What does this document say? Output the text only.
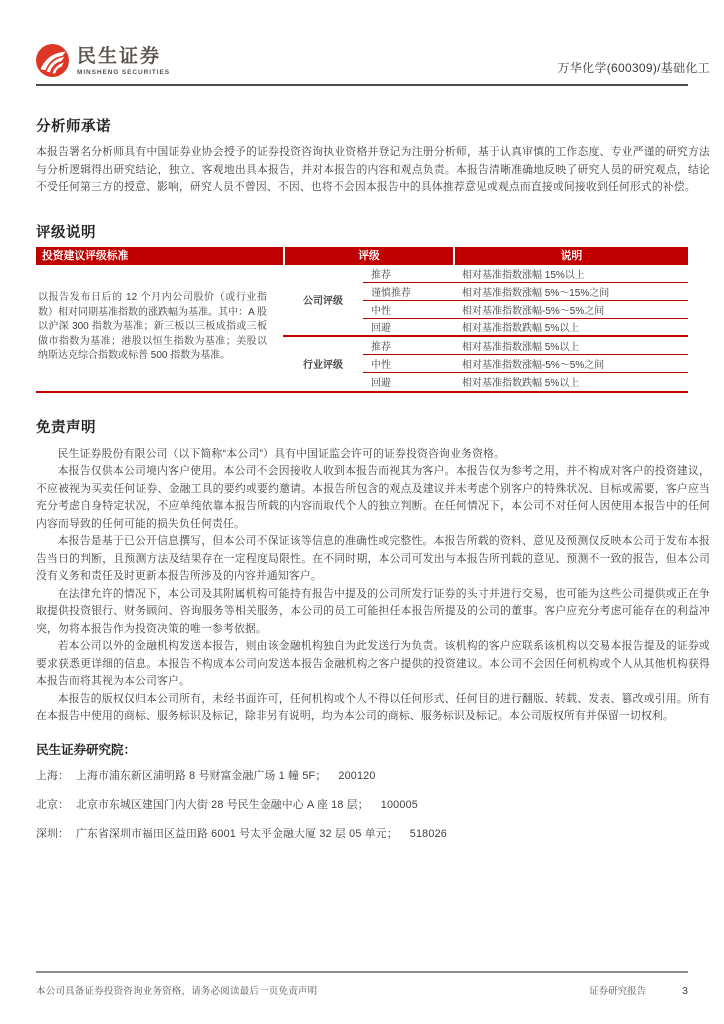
民生证券
MINSHENG SECURITIES	万华化学(600309)/基础化工
分析师承诺
本报告署名分析师具有中国证券业协会授予的证券投资咨询执业资格并登记为注册分析师，基于认真审慎的工作态度、专业严谨的研究方法与分析逻辑得出研究结论，独立、客观地出具本报告，并对本报告的内容和观点负责。本报告清晰准确地反映了研究人员的研究观点，结论不受任何第三方的授意、影响，研究人员不曾因、不因、也将不会因本报告中的具体推荐意见或观点而直接或间接收到任何形式的补偿。
评级说明
投资建议评级标准	评级		说明
以报告发布日后的 12 个月内公司股价（或行业指数）相对同期基准指数的涨跌幅为基准。其中：A 股以沪深 300 指数为基准；新三板以三板成指或三板做市指数为基准；港股以恒生指数为基准；美股以纳斯达克综合指数或标普 500 指数为基准。	公司评级	推荐	相对基准指数涨幅 15%以上
		谨慎推荐	相对基准指数涨幅 5%～15%之间
		中性	相对基准指数涨幅-5%～5%之间
		回避	相对基准指数跌幅 5%以上
	行业评级	推荐	相对基准指数涨幅 5%以上
		中性	相对基准指数涨幅-5%～5%之间
		回避	相对基准指数跌幅 5%以上
免责声明

民生证券股份有限公司（以下简称“本公司”）具有中国证监会许可的证券投资咨询业务资格。

本报告仅供本公司境内客户使用。本公司不会因接收人收到本报告而视其为客户。本报告仅为参考之用，并不构成对客户的投资建议，不应被视为买卖任何证券、金融工具的要约或要约邀请。本报告所包含的观点及建议并未考虑个别客户的特殊状况、目标或需要，客户应当充分考虑自身特定状况，不应单纯依靠本报告所载的内容而取代个人的独立判断。在任何情况下，本公司不对任何人因使用本报告中的任何内容而导致的任何可能的损失负任何责任。

本报告是基于已公开信息撰写，但本公司不保证该等信息的准确性或完整性。本报告所载的资料、意见及预测仅反映本公司于发布本报告当日的判断，且预测方法及结果存在一定程度局限性。在不同时期，本公司可发出与本报告所刊载的意见、预测不一致的报告，但本公司没有义务和责任及时更新本报告所涉及的内容并通知客户。

在法律允许的情况下，本公司及其附属机构可能持有报告中提及的公司所发行证券的头寸并进行交易，也可能为这些公司提供或正在争取提供投资银行、财务顾问、咨询服务等相关服务，本公司的员工可能担任本报告所提及的公司的董事。客户应充分考虑可能存在的利益冲突，勿将本报告作为投资决策的唯一参考依据。

若本公司以外的金融机构发送本报告，则由该金融机构独自为此发送行为负责。该机构的客户应联系该机构以交易本报告提及的证券或要求获悉更详细的信息。本报告不构成本公司向发送本报告金融机构之客户提供的投资建议。本公司不会因任何机构或个人从其他机构获得本报告而将其视为本公司客户。

本报告的版权仅归本公司所有，未经书面许可，任何机构或个人不得以任何形式、任何目的进行翻版、转载、发表、篡改或引用。所有在本报告中使用的商标、服务标识及标记，除非另有说明，均为本公司的商标、服务标识及标记。本公司版权所有并保留一切权利。

民生证券研究院：
上海： 上海市浦东新区浦明路 8 号财富金融广场 1 幢 5F； 200120
北京： 北京市东城区建国门内大街 28 号民生金融中心 A 座 18 层； 100005
深圳： 广东省深圳市福田区益田路 6001 号太平金融大厦 32 层 05 单元； 518026
本公司具备证券投资咨询业务资格，请务必阅读最后一页免责声明	证券研究报告	3
